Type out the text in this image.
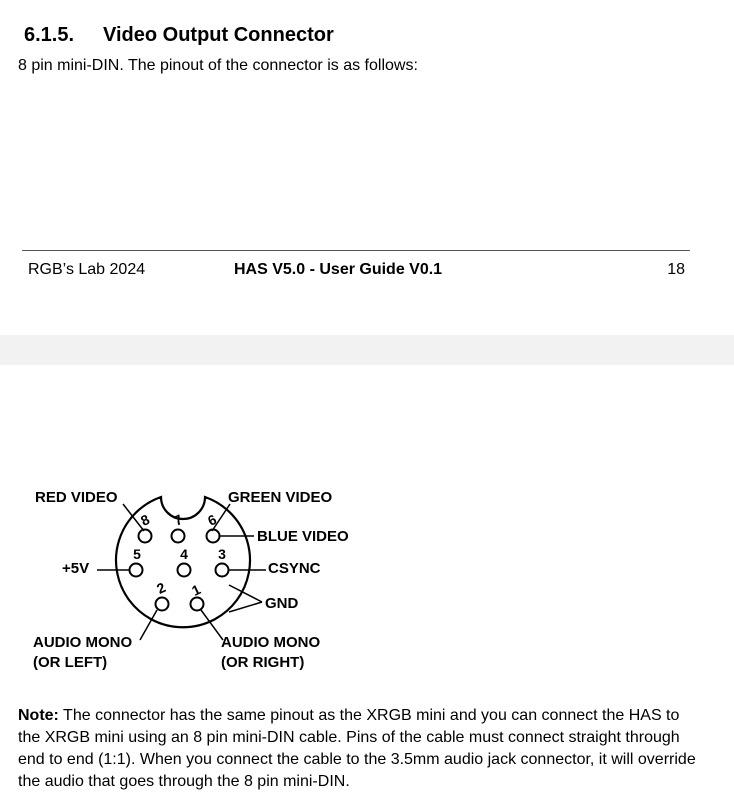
6.1.5. Video Output Connector
8 pin mini-DIN. The pinout of the connector is as follows:
RGB’s Lab 2024	HAS V5.0 - User Guide V0.1	18
1
2
3
4
5
6
7
8
RED VIDEO	GREEN VIDEO
BLUE VIDEO
CSYNC
+5V
GND
AUDIO MONO
(OR LEFT)
AUDIO MONO
(OR RIGHT)
Note: The connector has the same pinout as the XRGB mini and you can connect the HAS to the XRGB mini using an 8 pin mini-DIN cable. Pins of the cable must connect straight through end to end (1:1). When you connect the cable to the 3.5mm audio jack connector, it will override the audio that goes through the 8 pin mini-DIN.
